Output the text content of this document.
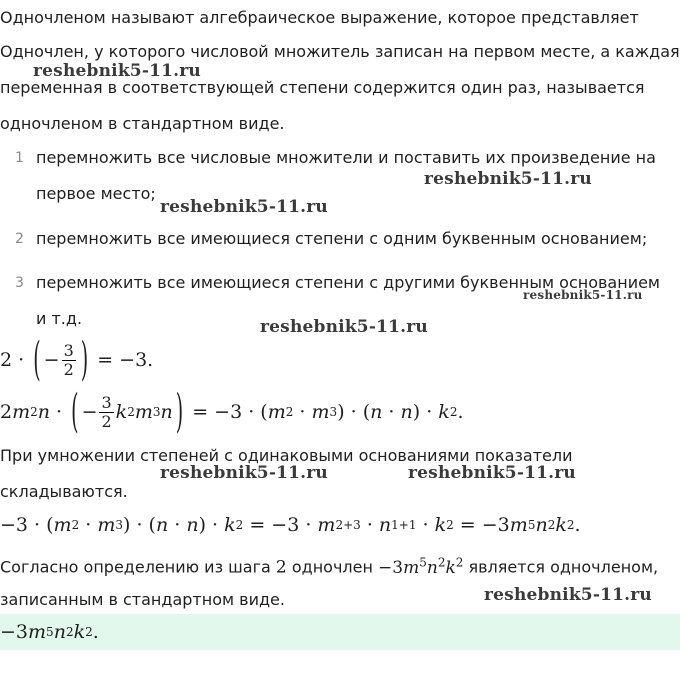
Одночленом называют алгебраическое выражение, которое представляет
Одночлен, у которого числовой множитель записан на первом месте, а каждая
reshebnik5-11.ru
переменная в соответствующей степени содержится один раз, называется
одночленом в стандартном виде.
1 перемножить все числовые множители и поставить их произведение на
reshebnik5-11.ru
первое место;
reshebnik5-11.ru
2 перемножить все имеющиеся степени с одним буквенным основанием;
3 перемножить все имеющиеся степени с другими буквенным основанием
reshebnik5-11.ru
и т.д.	reshebnik5-11.ru
2 · ( − $\frac{3}{2}$ ) = −3.
2 m 2 n · ( − $\frac{3}{2}$ k 2 m 3 n ) = −3 · ( m 2 · m 3 ) · ( n · n ) · k 2 .
При умножении степеней с одинаковыми основаниями показатели
reshebnik5-11.ru	reshebnik5-11.ru
складываются.
−3 · ( m 2 · m 3 ) · ( n · n ) · k 2 = −3 · m 2+3 · n 1+1 · k 2 = −3 m 5 n 2 k 2 .
Согласно определению из шага 2 одночлен $-3m^5n^2k^2$ является одночленом,
reshebnik5-11.ru
записанным в стандартном виде.
−3 m 5 n 2 k 2 .
